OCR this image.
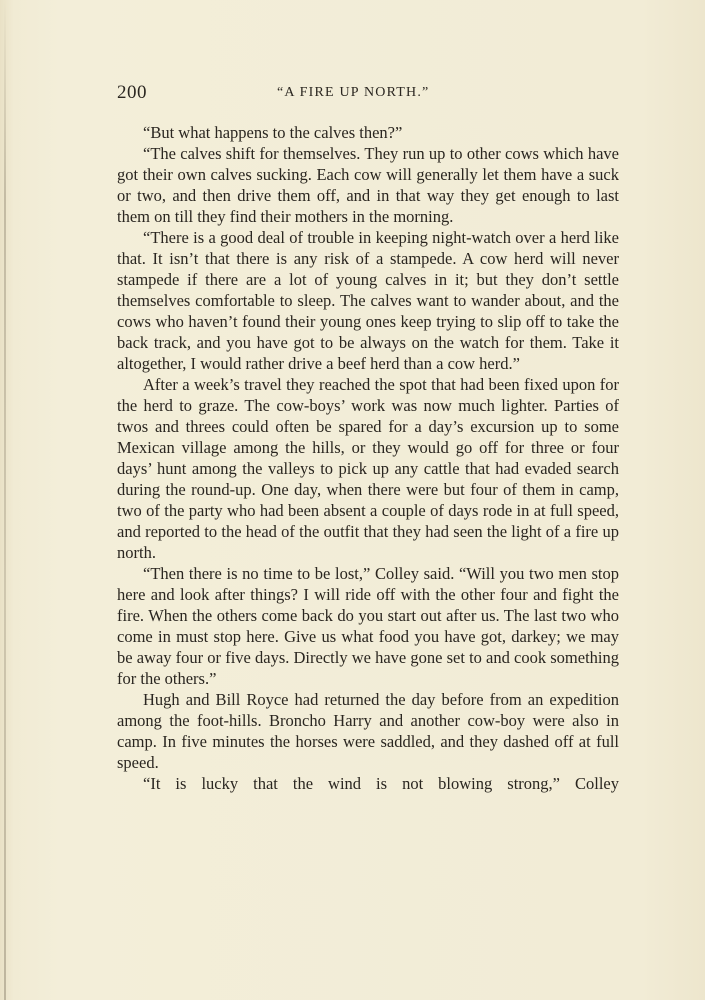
200	“A FIRE UP NORTH.”

“But what happens to the calves then?”

“The calves shift for themselves. They run up to other cows which have got their own calves sucking. Each cow will generally let them have a suck or two, and then drive them off, and in that way they get enough to last them on till they find their mothers in the morning.

“There is a good deal of trouble in keeping night-watch over a herd like that. It isn’t that there is any risk of a stampede. A cow herd will never stampede if there are a lot of young calves in it; but they don’t settle themselves comfortable to sleep. The calves want to wander about, and the cows who haven’t found their young ones keep trying to slip off to take the back track, and you have got to be always on the watch for them. Take it altogether, I would rather drive a beef herd than a cow herd.”

After a week’s travel they reached the spot that had been fixed upon for the herd to graze. The cow-boys’ work was now much lighter. Parties of twos and threes could often be spared for a day’s excursion up to some Mexican village among the hills, or they would go off for three or four days’ hunt among the valleys to pick up any cattle that had evaded search during the round-up. One day, when there were but four of them in camp, two of the party who had been absent a couple of days rode in at full speed, and reported to the head of the outfit that they had seen the light of a fire up north.

“Then there is no time to be lost,” Colley said. “Will you two men stop here and look after things? I will ride off with the other four and fight the fire. When the others come back do you start out after us. The last two who come in must stop here. Give us what food you have got, darkey; we may be away four or five days. Directly we have gone set to and cook something for the others.”

Hugh and Bill Royce had returned the day before from an expedition among the foot-hills. Broncho Harry and another cow-boy were also in camp. In five minutes the horses were saddled, and they dashed off at full speed.

“It is lucky that the wind is not blowing strong,” Colley
